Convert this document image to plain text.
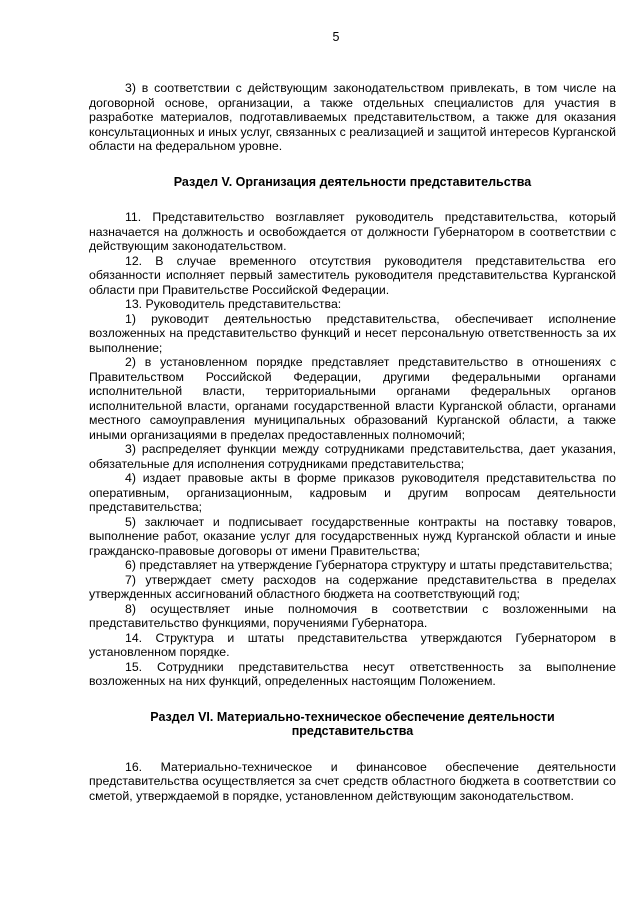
5

3) в соответствии с действующим законодательством привлекать, в том числе на договорной основе, организации, а также отдельных специалистов для участия в разработке материалов, подготавливаемых представительством, а также для оказания консультационных и иных услуг, связанных с реализацией и защитой интересов Курганской области на федеральном уровне.

Раздел V. Организация деятельности представительства

11. Представительство возглавляет руководитель представительства, который назначается на должность и освобождается от должности Губернатором в соответствии с действующим законодательством.

12. В случае временного отсутствия руководителя представительства его обязанности исполняет первый заместитель руководителя представительства Курганской области при Правительстве Российской Федерации.

13. Руководитель представительства:

1) руководит деятельностью представительства, обеспечивает исполнение возложенных на представительство функций и несет персональную ответственность за их выполнение;

2) в установленном порядке представляет представительство в отношениях с Правительством Российской Федерации, другими федеральными органами исполнительной власти, территориальными органами федеральных органов исполнительной власти, органами государственной власти Курганской области, органами местного самоуправления муниципальных образований Курганской области, а также иными организациями в пределах предоставленных полномочий;

3) распределяет функции между сотрудниками представительства, дает указания, обязательные для исполнения сотрудниками представительства;

4) издает правовые акты в форме приказов руководителя представительства по оперативным, организационным, кадровым и другим вопросам деятельности представительства;

5) заключает и подписывает государственные контракты на поставку товаров, выполнение работ, оказание услуг для государственных нужд Курганской области и иные гражданско-правовые договоры от имени Правительства;

6) представляет на утверждение Губернатора структуру и штаты представительства;

7) утверждает смету расходов на содержание представительства в пределах утвержденных ассигнований областного бюджета на соответствующий год;

8) осуществляет иные полномочия в соответствии с возложенными на представительство функциями, поручениями Губернатора.

14. Структура и штаты представительства утверждаются Губернатором в установленном порядке.

15. Сотрудники представительства несут ответственность за выполнение возложенных на них функций, определенных настоящим Положением.

Раздел VI. Материально-техническое обеспечение деятельности
представительства

16. Материально-техническое и финансовое обеспечение деятельности представительства осуществляется за счет средств областного бюджета в соответствии со сметой, утверждаемой в порядке, установленном действующим законодательством.
